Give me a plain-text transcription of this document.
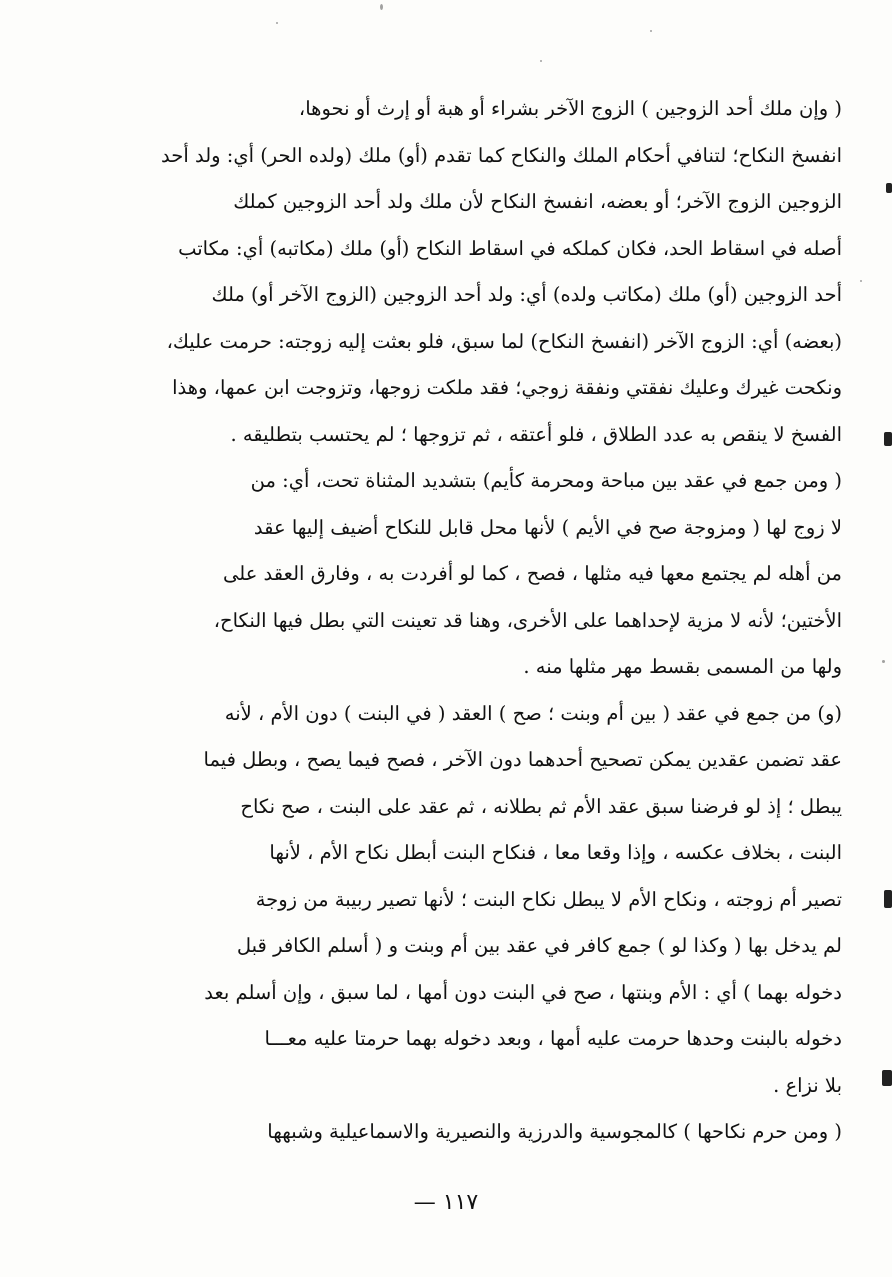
( وإن ملك أحد الزوجين ) الزوج الآخر بشراء أو هبة أو إرث أو نحوها،
انفسخ النكاح؛ لتنافي أحكام الملك والنكاح كما تقدم (أو) ملك (ولده الحر) أي: ولد أحد
الزوجين الزوج الآخر؛ أو بعضه، انفسخ النكاح لأن ملك ولد أحد الزوجين كملك
أصله في اسقاط الحد، فكان كملكه في اسقاط النكاح (أو) ملك (مكاتبه) أي: مكاتب
أحد الزوجين (أو) ملك (مكاتب ولده) أي: ولد أحد الزوجين (الزوج الآخر أو) ملك
(بعضه) أي: الزوج الآخر (انفسخ النكاح) لما سبق، فلو بعثت إليه زوجته: حرمت عليك،
ونكحت غيرك وعليك نفقتي ونفقة زوجي؛ فقد ملكت زوجها، وتزوجت ابن عمها، وهذا
الفسخ لا ينقص به عدد الطلاق ، فلو أعتقه ، ثم تزوجها ؛ لم يحتسب بتطليقه .

( ومن جمع في عقد بين مباحة ومحرمة كأيم) بتشديد المثناة تحت، أي: من
لا زوج لها ( ومزوجة صح في الأيم ) لأنها محل قابل للنكاح أضيف إليها عقد
من أهله لم يجتمع معها فيه مثلها ، فصح ، كما لو أفردت به ، وفارق العقد على
الأختين؛ لأنه لا مزية لإحداهما على الأخرى، وهنا قد تعينت التي بطل فيها النكاح،
ولها من المسمى بقسط مهر مثلها منه .

(و) من جمع في عقد ( بين أم وبنت ؛ صح ) العقد ( في البنت ) دون الأم ، لأنه
عقد تضمن عقدين يمكن تصحيح أحدهما دون الآخر ، فصح فيما يصح ، وبطل فيما
يبطل ؛ إذ لو فرضنا سبق عقد الأم ثم بطلانه ، ثم عقد على البنت ، صح نكاح
البنت ، بخلاف عكسه ، وإذا وقعا معا ، فنكاح البنت أبطل نكاح الأم ، لأنها
تصير أم زوجته ، ونكاح الأم لا يبطل نكاح البنت ؛ لأنها تصير ربيبة من زوجة
لم يدخل بها ( وكذا لو ) جمع كافر في عقد بين أم وبنت و ( أسلم الكافر قبل
دخوله بهما ) أي : الأم وبنتها ، صح في البنت دون أمها ، لما سبق ، وإن أسلم بعد
دخوله بالبنت وحدها حرمت عليه أمها ، وبعد دخوله بهما حرمتا عليه معـــا
بلا نزاع .

( ومن حرم نكاحها ) كالمجوسية والدرزية والنصيرية والاسماعيلية وشبهها

١١٧ —
